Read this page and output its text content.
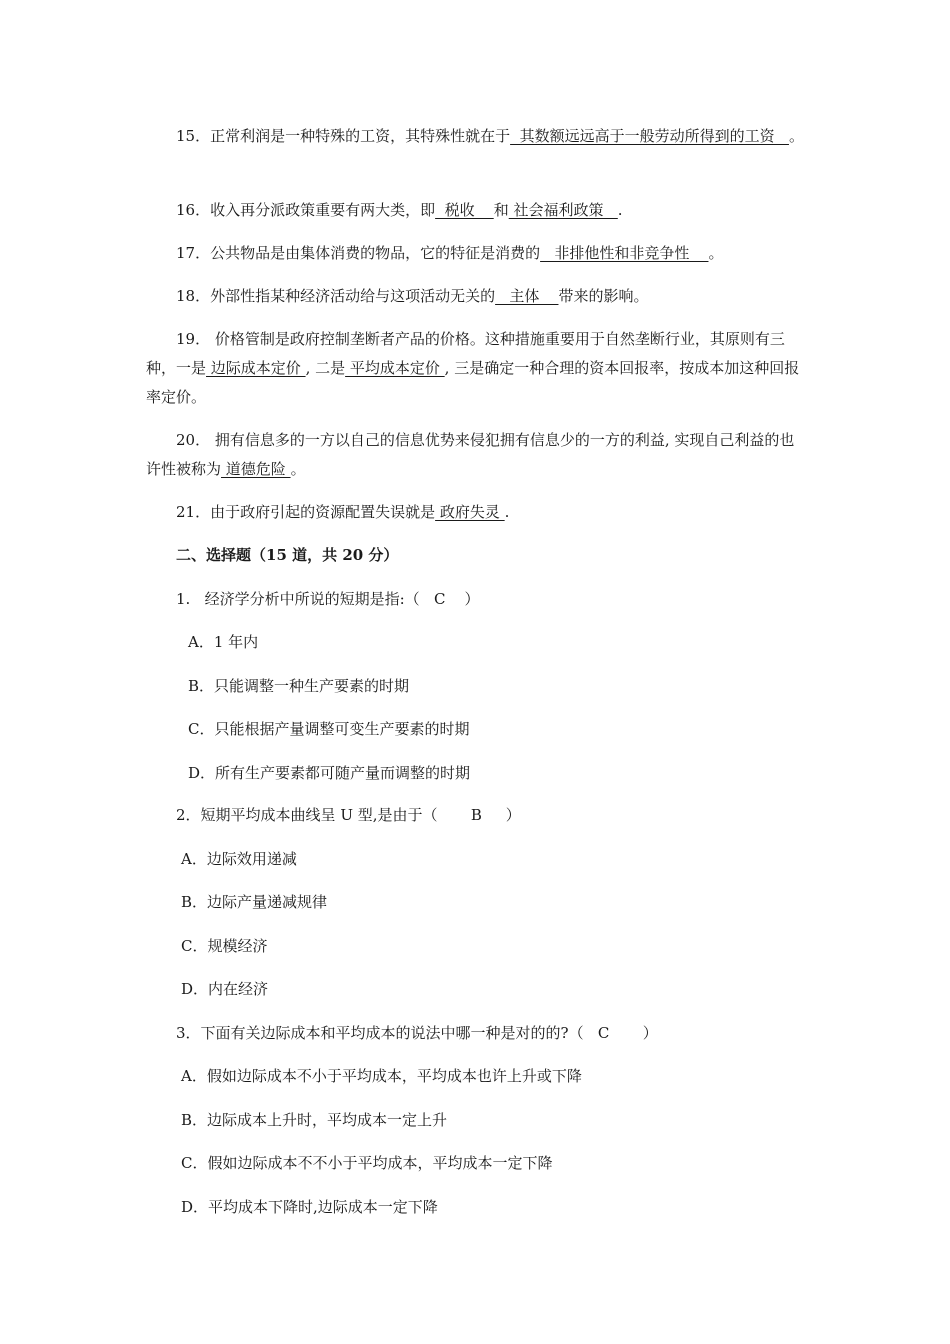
15．正常利润是一种特殊的工资，其特殊性就在于  其数额远远高于一般劳动所得到的工资   。

16．收入再分派政策重要有两大类，即  税收    和 社会福利政策   .

17．公共物品是由集体消费的物品，它的特征是消费的   非排他性和非竞争性    。

18．外部性指某种经济活动给与这项活动无关的   主体    带来的影响。

19． 价格管制是政府控制垄断者产品的价格。这种措施重要用于自然垄断行业，其原则有三种，一是 边际成本定价 , 二是 平均成本定价 , 三是确定一种合理的资本回报率，按成本加这种回报率定价。

20． 拥有信息多的一方以自己的信息优势来侵犯拥有信息少的一方的利益, 实现自己利益的也许性被称为 道德危险 。

21．由于政府引起的资源配置失误就是 政府失灵 .

二、选择题（15 道，共 20 分）

1.   经济学分析中所说的短期是指:（   C    ）

A．1 年内

B．只能调整一种生产要素的时期

C．只能根据产量调整可变生产要素的时期

D．所有生产要素都可随产量而调整的时期

2．短期平均成本曲线呈 U 型,是由于（       B     ）

A．边际效用递减

B．边际产量递减规律

C．规模经济

D．内在经济

3．下面有关边际成本和平均成本的说法中哪一种是对的的?（   C       ）

A．假如边际成本不小于平均成本，平均成本也许上升或下降

B．边际成本上升时，平均成本一定上升

C．假如边际成本不不小于平均成本，平均成本一定下降

D．平均成本下降时,边际成本一定下降
